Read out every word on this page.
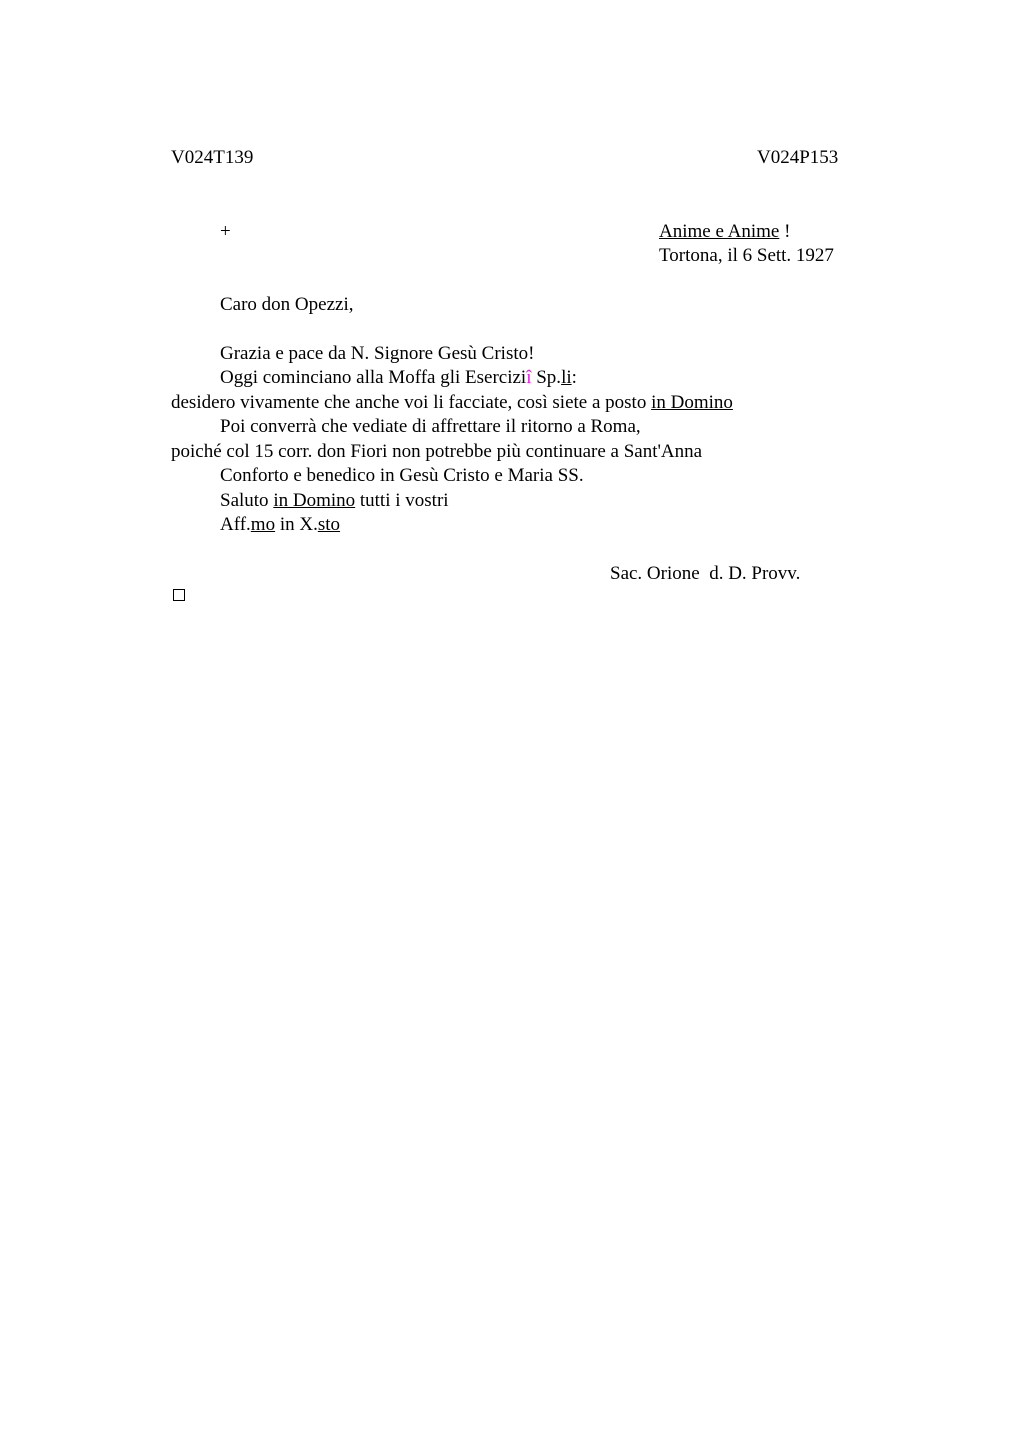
V024T139	V024P153
+	Anime e Anime !
Tortona, il 6 Sett. 1927
Caro don Opezzi,
Grazia e pace da N. Signore Gesù Cristo!
Oggi cominciano alla Moffa gli Eserciziî Sp.li:
desidero vivamente che anche voi li facciate, così siete a posto in Domino
Poi converrà che vediate di affrettare il ritorno a Roma,
poiché col 15 corr. don Fiori non potrebbe più continuare a Sant'Anna
Conforto e benedico in Gesù Cristo e Maria SS.
Saluto in Domino tutti i vostri
Aff.mo in X.sto
Sac. Orione  d. D. Provv.
